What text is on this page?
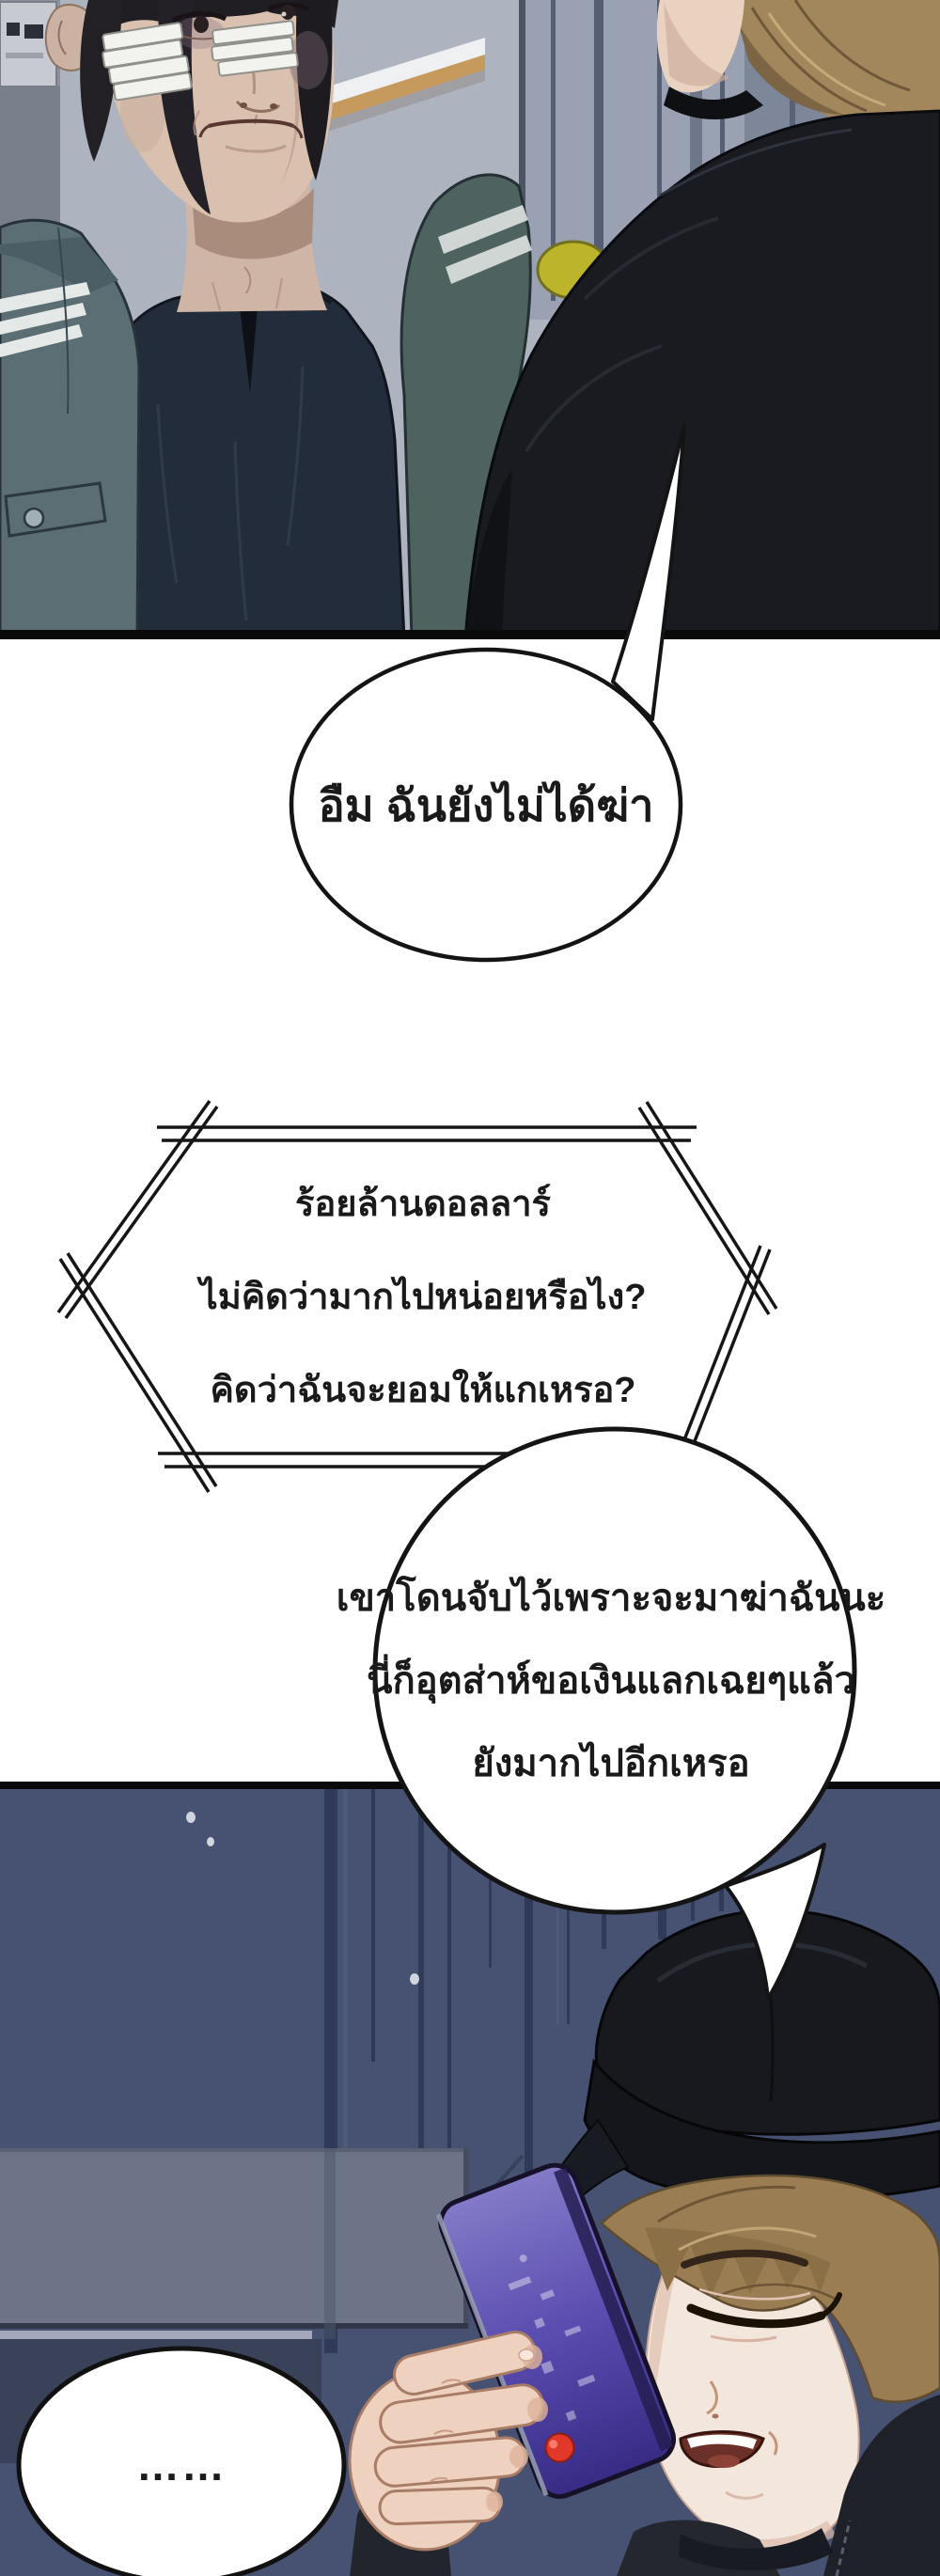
อืม ฉันยังไม่ได้ฆ่า
ร้อยล้านดอลลาร์
ไม่คิดว่ามากไปหน่อยหรือไง?
คิดว่าฉันจะยอมให้แกเหรอ?
เขาโดนจับไว้เพราะจะมาฆ่าฉันนะ
นี่ก็อุตส่าห์ขอเงินแลกเฉยๆแล้ว
ยังมากไปอีกเหรอ
……
